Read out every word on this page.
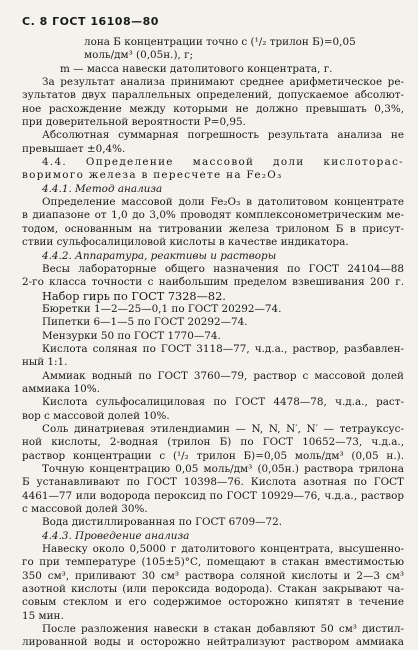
С. 8 ГОСТ 16108—80
лона Б концентрации точно с (¹/₂ трилон Б)=0,05
моль/дм³ (0,05н.), г;
m — масса навески датолитового концентрата, г.
За результат анализа принимают среднее арифметическое ре-
зультатов двух параллельных определений, допускаемое абсолют-
ное расхождение между которыми не должно превышать 0,3%,
при доверительной вероятности P=0,95.
Абсолютная суммарная погрешность результата анализа не
превышает ±0,4%.
4.4. Определение массовой доли кислоторас-
воримого железа в пересчете на Fe₂O₃
4.4.1. Метод анализа
Определение массовой доли Fe₂O₃ в датолитовом концентрате
в диапазоне от 1,0 до 3,0% проводят комплексонометрическим ме-
тодом, основанным на титровании железа трилоном Б в присут-
ствии сульфосалициловой кислоты в качестве индикатора.
4.4.2. Аппаратура, реактивы и растворы
Весы лабораторные общего назначения по ГОСТ 24104—88
2-го класса точности с наибольшим пределом взвешивания 200 г.
Набор гирь по ГОСТ 7328—82.
Бюретки 1—2—25—0,1 по ГОСТ 20292—74.
Пипетки 6—1—5 по ГОСТ 20292—74.
Мензурки 50 по ГОСТ 1770—74.
Кислота соляная по ГОСТ 3118—77, ч.д.а., раствор, разбавлен-
ный 1:1.
Аммиак водный по ГОСТ 3760—79, раствор с массовой долей
аммиака 10%.
Кислота сульфосалициловая по ГОСТ 4478—78, ч.д.а., раст-
вор с массовой долей 10%.
Соль динатриевая этилендиамин — N, N, N′, N′ — тетрауксус-
ной кислоты, 2-водная (трилон Б) по ГОСТ 10652—73, ч.д.а.,
раствор концентрации с (¹/₂ трилон Б)=0,05 моль/дм³ (0,05 н.).
Точную концентрацию 0,05 моль/дм³ (0,05н.) раствора трилона
Б устанавливают по ГОСТ 10398—76. Кислота азотная по ГОСТ
4461—77 или водорода пероксид по ГОСТ 10929—76, ч.д.а., раствор
с массовой долей 30%.
Вода дистиллированная по ГОСТ 6709—72.
4.4.3. Проведение анализа
Навеску около 0,5000 г датолитового концентрата, высушенно-
го при температуре (105±5)°С, помещают в стакан вместимостью
350 см³, приливают 30 см³ раствора соляной кислоты и 2—3 см³
азотной кислоты (или пероксида водорода). Стакан закрывают ча-
совым стеклом и его содержимое осторожно кипятят в течение
15 мин.
После разложения навески в стакан добавляют 50 см³ дистил-
лированной воды и осторожно нейтрализуют раствором аммиака
